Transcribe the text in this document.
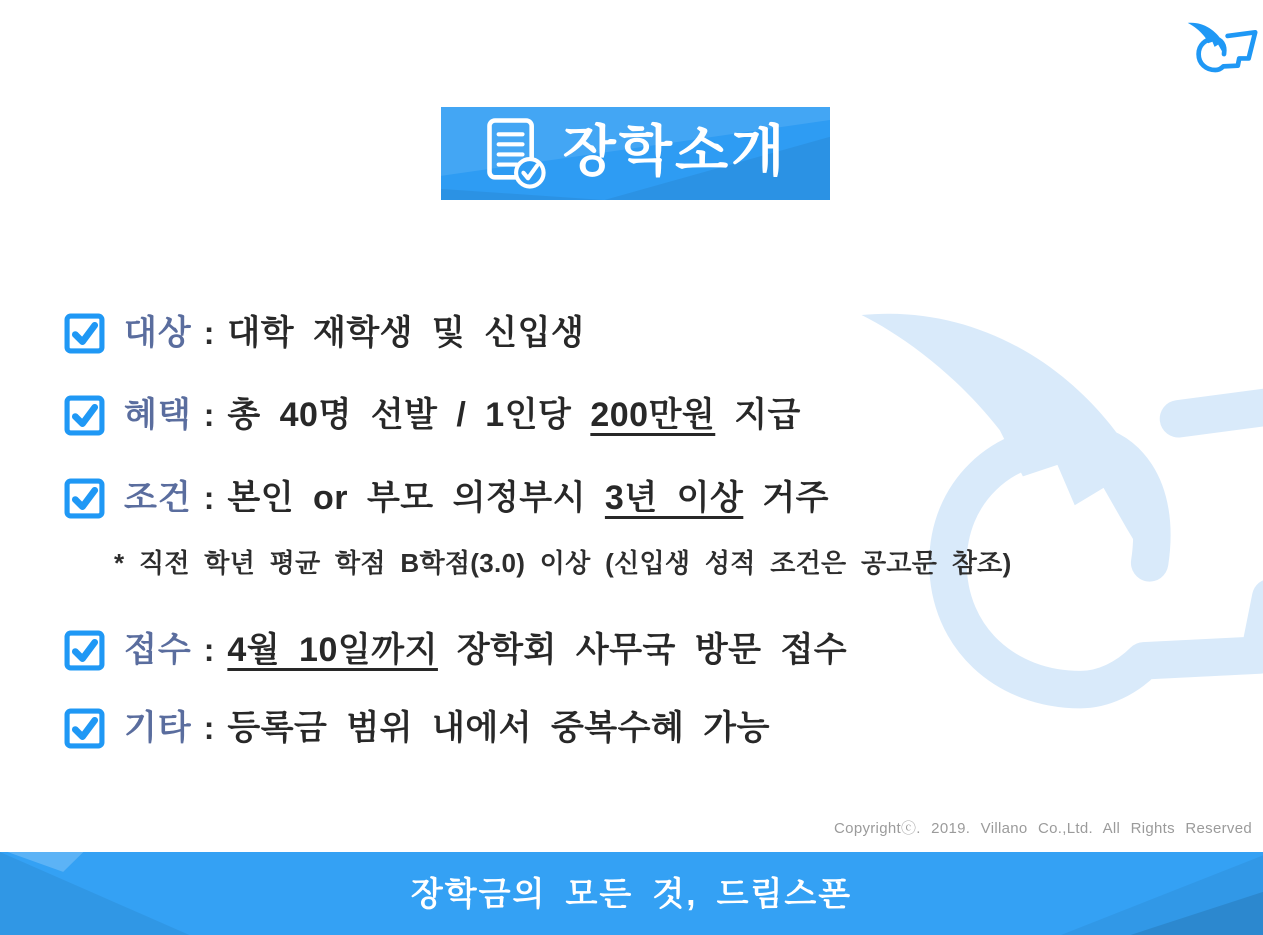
장학소개
대상 : 대학 재학생 및 신입생
혜택 : 총 40명 선발 / 1인당 200만원 지급
조건 : 본인 or 부모 의정부시 3년 이상 거주
* 직전 학년 평균 학점 B학점(3.0) 이상 (신입생 성적 조건은 공고문 참조)
접수 : 4월 10일까지 장학회 사무국 방문 접수
기타 : 등록금 범위 내에서 중복수혜 가능
Copyrightⓒ. 2019. Villano Co.,Ltd. All Rights Reserved
장학금의 모든 것, 드림스폰
